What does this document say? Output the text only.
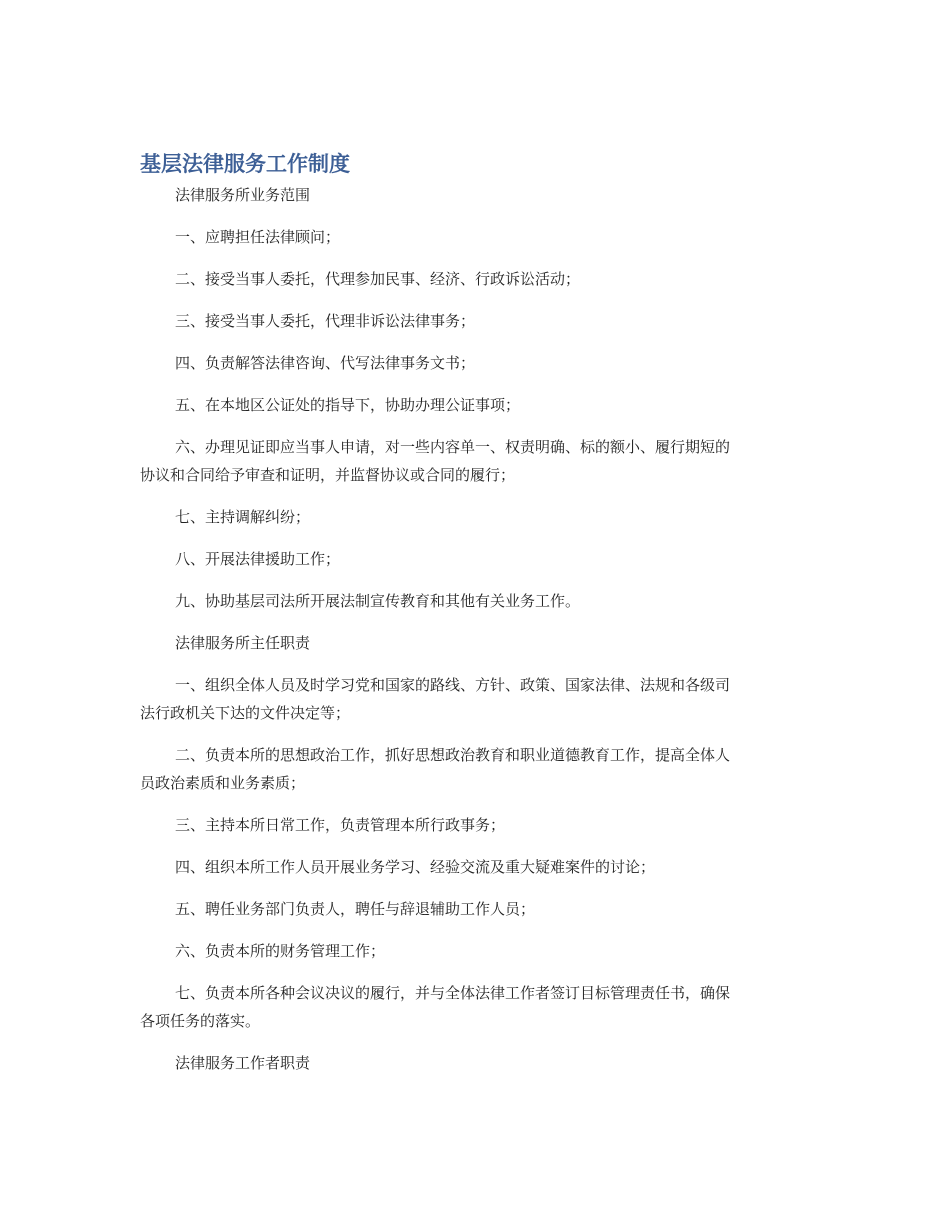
基层法律服务工作制度

法律服务所业务范围

一、应聘担任法律顾问；

二、接受当事人委托，代理参加民事、经济、行政诉讼活动；

三、接受当事人委托，代理非诉讼法律事务；

四、负责解答法律咨询、代写法律事务文书；

五、在本地区公证处的指导下，协助办理公证事项；

六、办理见证即应当事人申请，对一些内容单一、权责明确、标的额小、履行期短的
协议和合同给予审查和证明，并监督协议或合同的履行；

七、主持调解纠纷；

八、开展法律援助工作；

九、协助基层司法所开展法制宣传教育和其他有关业务工作。

法律服务所主任职责

一、组织全体人员及时学习党和国家的路线、方针、政策、国家法律、法规和各级司
法行政机关下达的文件决定等；

二、负责本所的思想政治工作，抓好思想政治教育和职业道德教育工作，提高全体人
员政治素质和业务素质；

三、主持本所日常工作，负责管理本所行政事务；

四、组织本所工作人员开展业务学习、经验交流及重大疑难案件的讨论；

五、聘任业务部门负责人，聘任与辞退辅助工作人员；

六、负责本所的财务管理工作；

七、负责本所各种会议决议的履行，并与全体法律工作者签订目标管理责任书，确保
各项任务的落实。

法律服务工作者职责
